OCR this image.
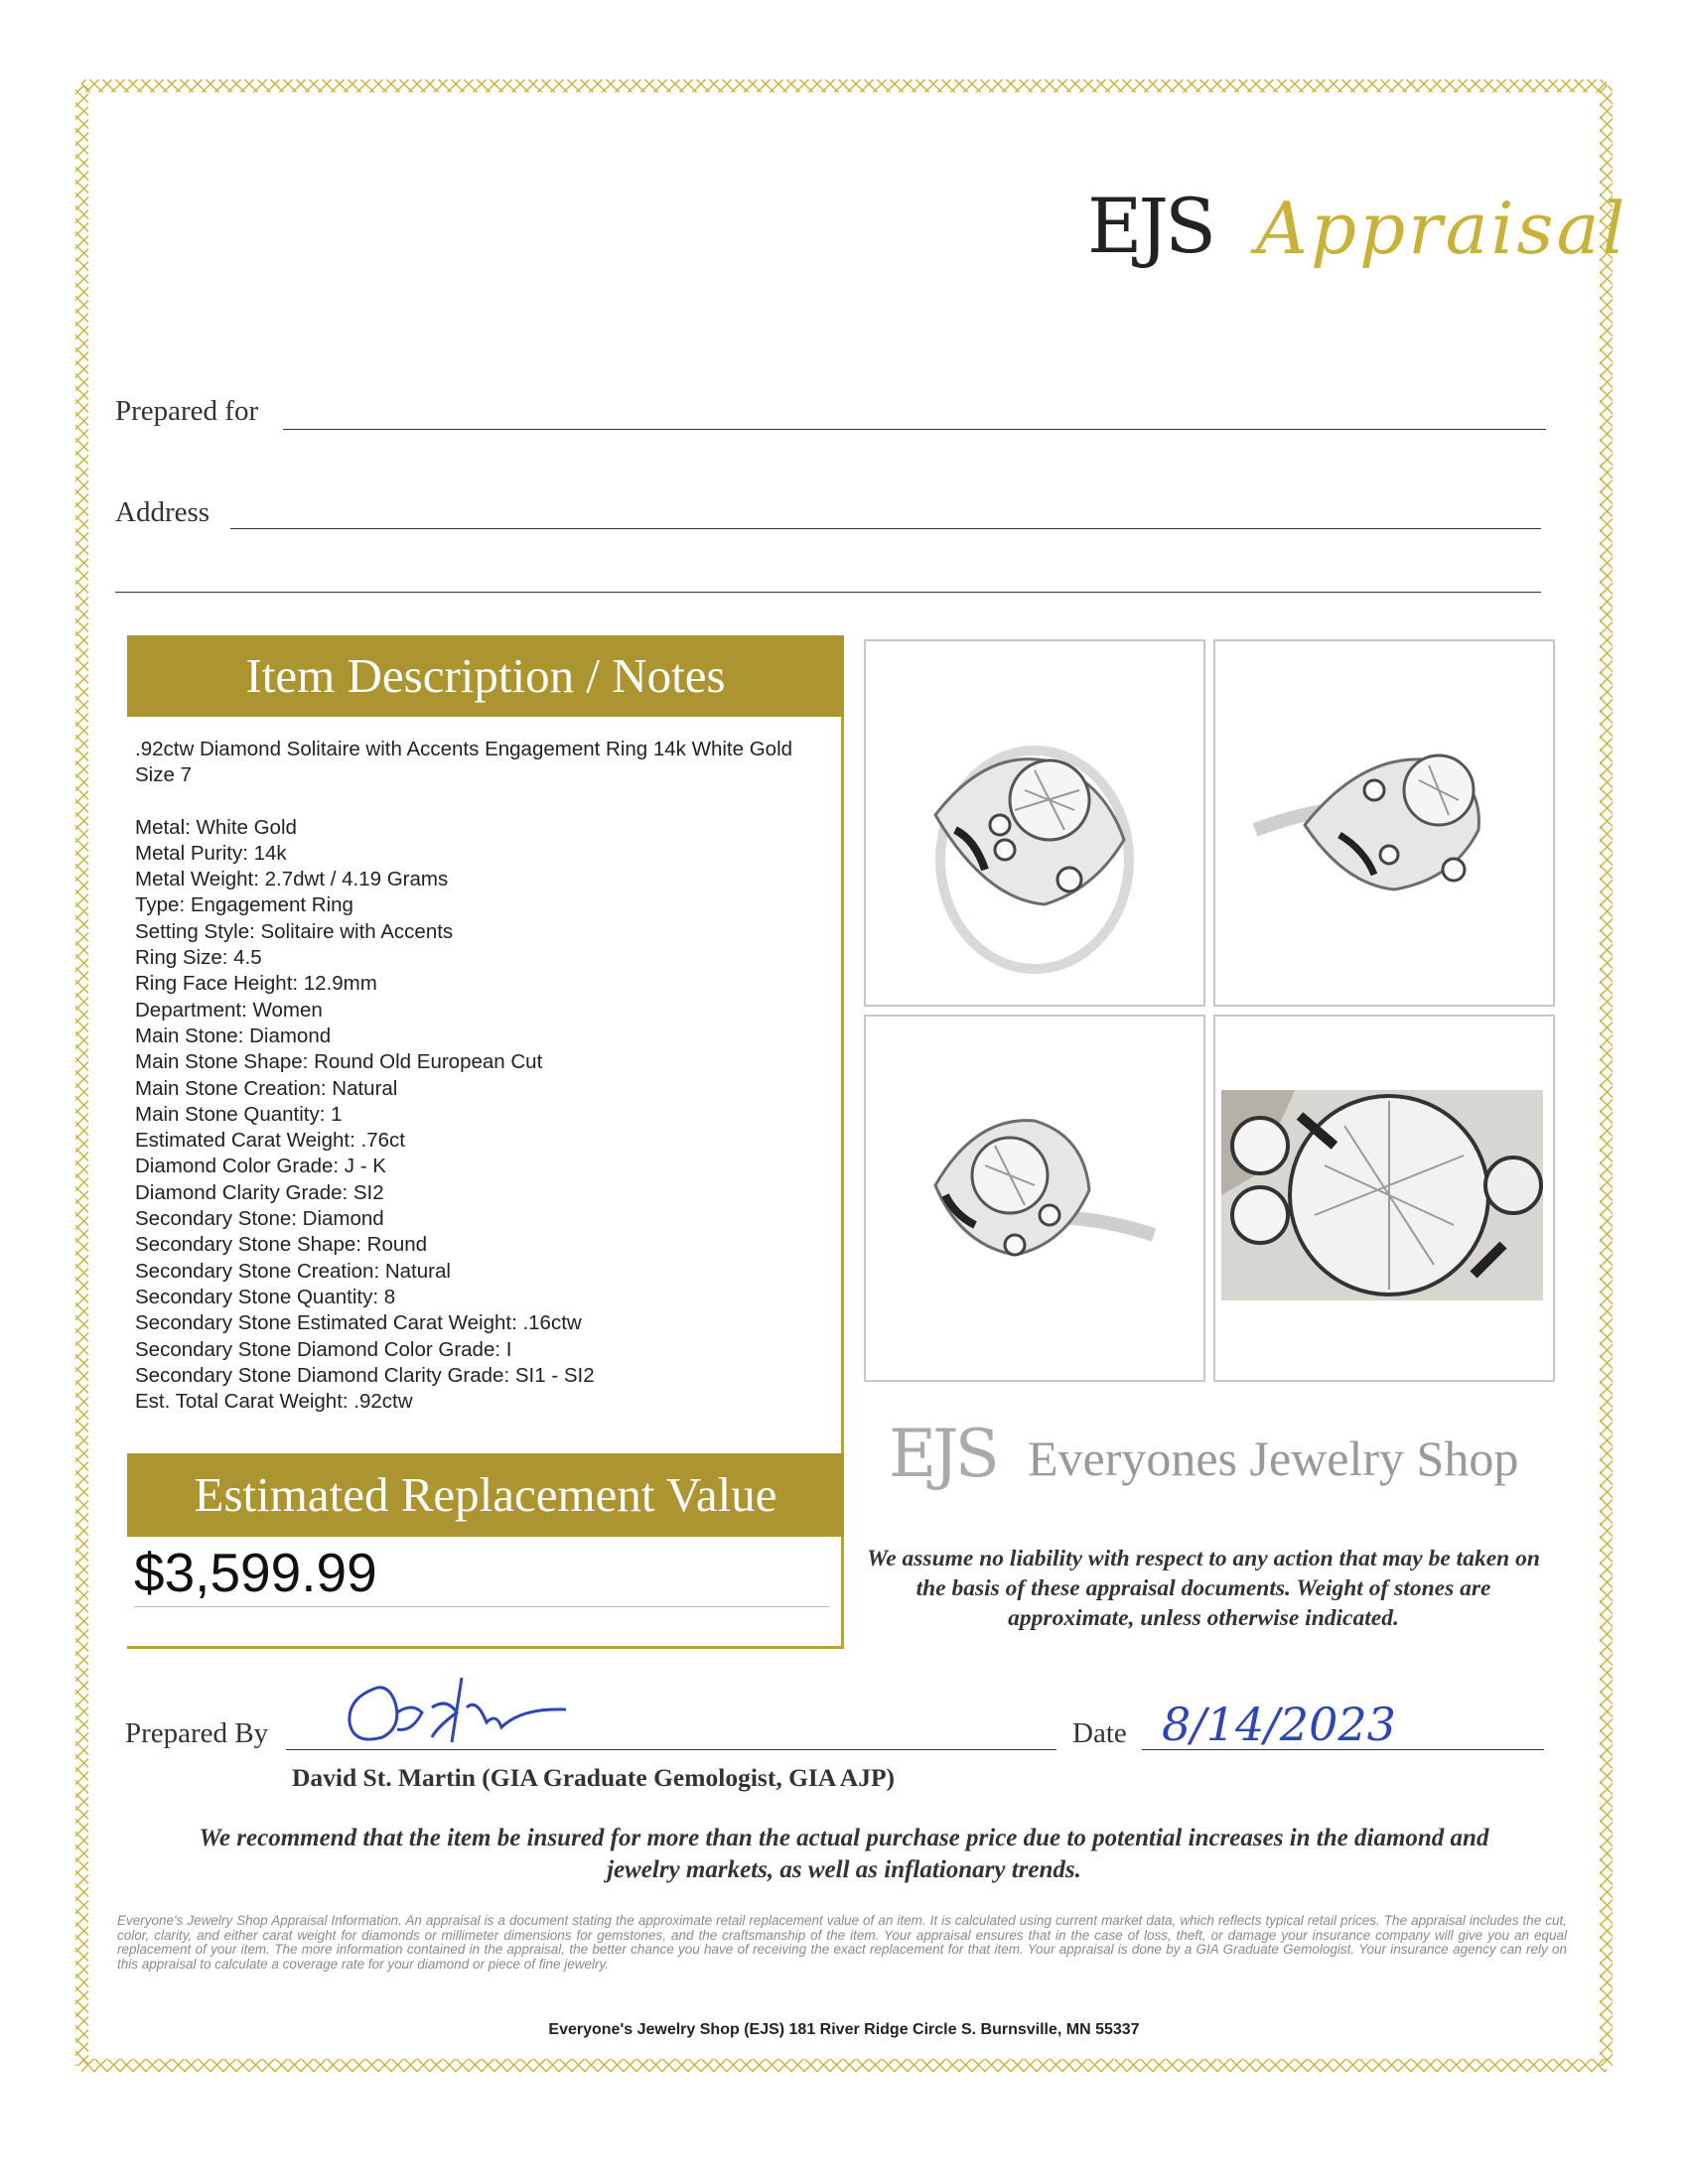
EJS Appraisal
Prepared for
Address
Item Description / Notes
.92ctw Diamond Solitaire with Accents Engagement Ring 14k White Gold Size 7
Metal: White Gold
Metal Purity: 14k
Metal Weight: 2.7dwt / 4.19 Grams
Type: Engagement Ring
Setting Style: Solitaire with Accents
Ring Size: 4.5
Ring Face Height: 12.9mm
Department: Women
Main Stone: Diamond
Main Stone Shape: Round Old European Cut
Main Stone Creation: Natural
Main Stone Quantity: 1
Estimated Carat Weight: .76ct
Diamond Color Grade: J - K
Diamond Clarity Grade: SI2
Secondary Stone: Diamond
Secondary Stone Shape: Round
Secondary Stone Creation: Natural
Secondary Stone Quantity: 8
Secondary Stone Estimated Carat Weight: .16ctw
Secondary Stone Diamond Color Grade: I
Secondary Stone Diamond Clarity Grade: SI1 - SI2
Est. Total Carat Weight: .92ctw
Estimated Replacement Value
$3,599.99
EJS Everyones Jewelry Shop
We assume no liability with respect to any action that may be taken on the basis of these appraisal documents. Weight of stones are approximate, unless otherwise indicated.
Prepared By	Date 8/14/2023
David St. Martin (GIA Graduate Gemologist, GIA AJP)
We recommend that the item be insured for more than the actual purchase price due to potential increases in the diamond and jewelry markets, as well as inflationary trends.
Everyone's Jewelry Shop Appraisal Information. An appraisal is a document stating the approximate retail replacement value of an item. It is calculated using current market data, which reflects typical retail prices. The appraisal includes the cut, color, clarity, and either carat weight for diamonds or millimeter dimensions for gemstones, and the craftsmanship of the item. Your appraisal ensures that in the case of loss, theft, or damage your insurance company will give you an equal replacement of your item. The more information contained in the appraisal, the better chance you have of receiving the exact replacement for that item. Your appraisal is done by a GIA Graduate Gemologist. Your insurance agency can rely on this appraisal to calculate a coverage rate for your diamond or piece of fine jewelry.
Everyone's Jewelry Shop (EJS) 181 River Ridge Circle S. Burnsville, MN 55337
